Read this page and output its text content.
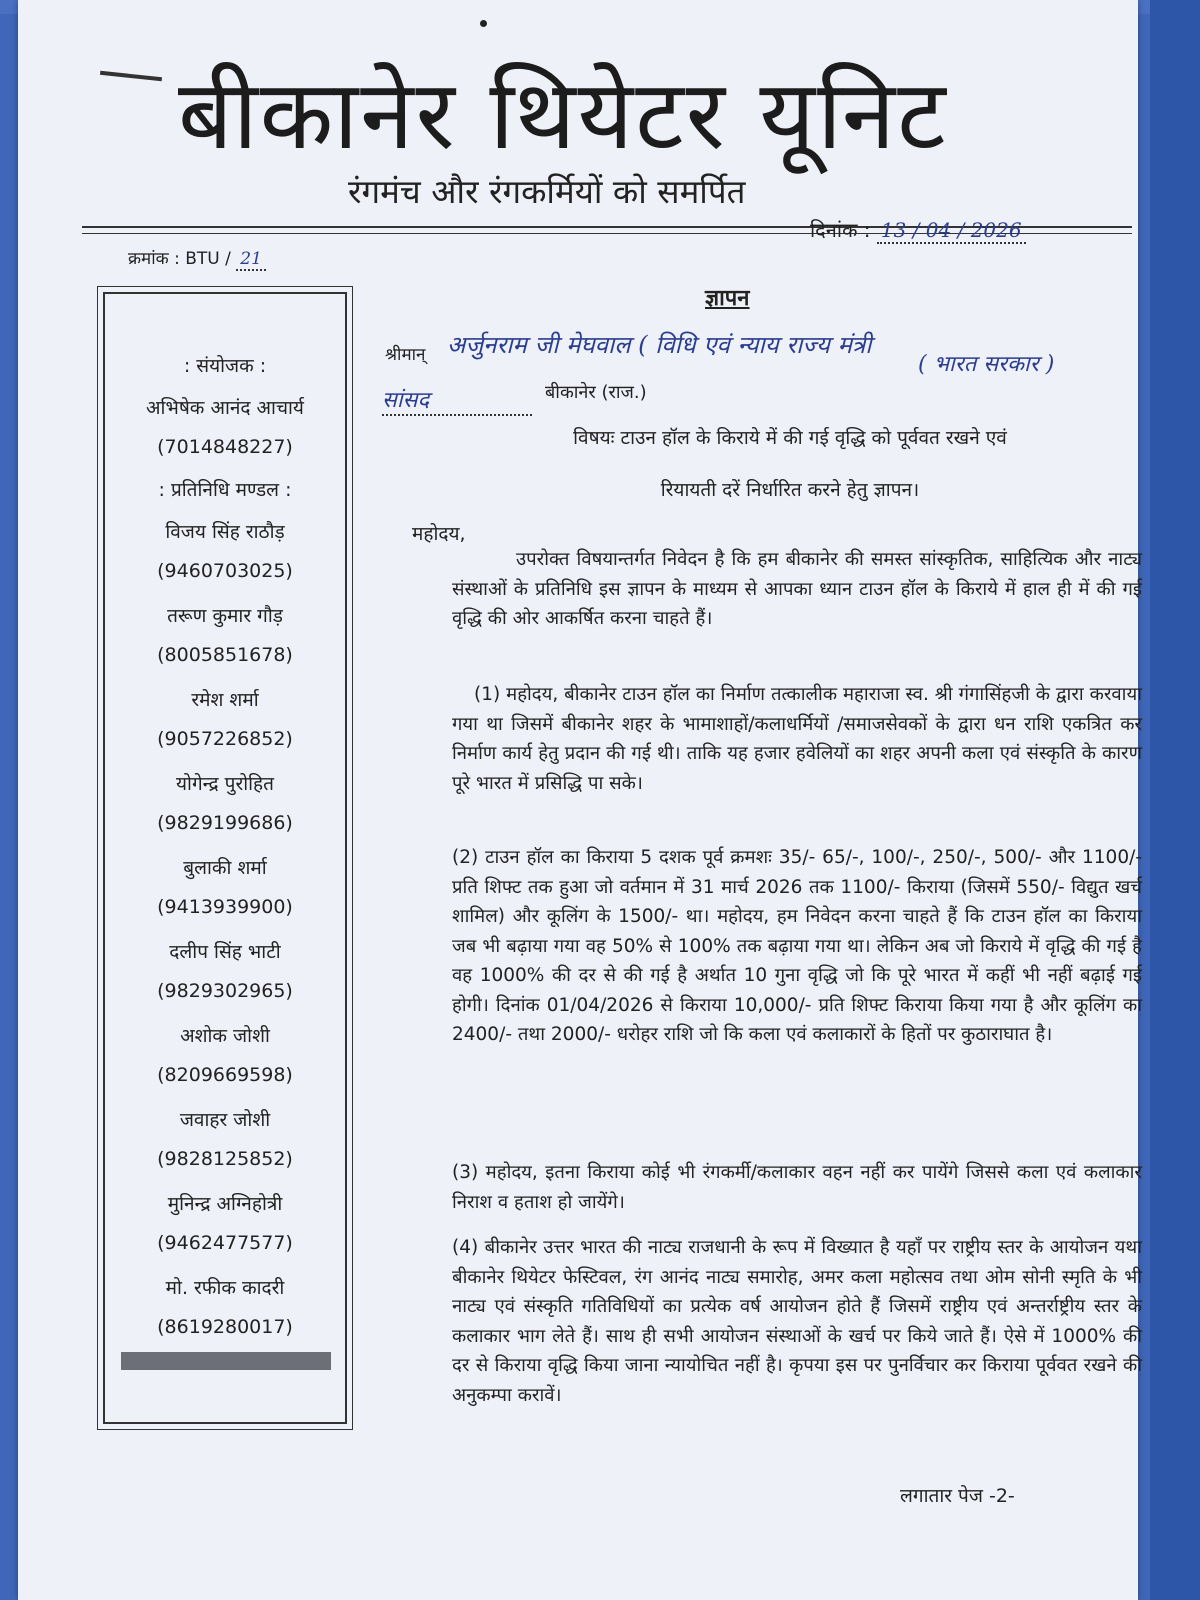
बीकानेर थियेटर यूनिट
रंगमंच और रंगकर्मियों को समर्पित
क्रमांक : BTU / 21
दिनांक : 13 / 04 / 2026
: संयोजक :
अभिषेक आनंद आचार्य
(7014848227)
: प्रतिनिधि मण्डल :
विजय सिंह राठौड़
(9460703025)
तरूण कुमार गौड़
(8005851678)
रमेश शर्मा
(9057226852)
योगेन्द्र पुरोहित
(9829199686)
बुलाकी शर्मा
(9413939900)
दलीप सिंह भाटी
(9829302965)
अशोक जोशी
(8209669598)
जवाहर जोशी
(9828125852)
मुनिन्द्र अग्निहोत्री
(9462477577)
मो. रफीक कादरी
(8619280017)
ज्ञापन
श्रीमान् अर्जुनराम जी मेघवाल ( विधि एवं न्याय राज्य मंत्री
( भारत सरकार )
सांसद	बीकानेर (राज.)
विषयः टाउन हॉल के किराये में की गई वृद्धि को पूर्ववत रखने एवं
रियायती दरें निर्धारित करने हेतु ज्ञापन।
महोदय,
उपरोक्त विषयान्तर्गत निवेदन है कि हम बीकानेर की समस्त सांस्कृतिक, साहित्यिक और नाट्य संस्थाओं के प्रतिनिधि इस ज्ञापन के माध्यम से आपका ध्यान टाउन हॉल के किराये में हाल ही में की गई वृद्धि की ओर आकर्षित करना चाहते हैं।
(1) महोदय, बीकानेर टाउन हॉल का निर्माण तत्कालीक महाराजा स्व. श्री गंगासिंहजी के द्वारा करवाया गया था जिसमें बीकानेर शहर के भामाशाहों/कलाधर्मियों /समाजसेवकों के द्वारा धन राशि एकत्रित कर निर्माण कार्य हेतु प्रदान की गई थी। ताकि यह हजार हवेलियों का शहर अपनी कला एवं संस्कृति के कारण पूरे भारत में प्रसिद्धि पा सके।
(2) टाउन हॉल का किराया 5 दशक पूर्व क्रमशः 35/- 65/-, 100/-, 250/-, 500/- और 1100/- प्रति शिफ्ट तक हुआ जो वर्तमान में 31 मार्च 2026 तक 1100/- किराया (जिसमें 550/- विद्युत खर्च शामिल) और कूलिंग के 1500/- था। महोदय, हम निवेदन करना चाहते हैं कि टाउन हॉल का किराया जब भी बढ़ाया गया वह 50% से 100% तक बढ़ाया गया था। लेकिन अब जो किराये में वृद्धि की गई है वह 1000% की दर से की गई है अर्थात 10 गुना वृद्धि जो कि पूरे भारत में कहीं भी नहीं बढ़ाई गई होगी। दिनांक 01/04/2026 से किराया 10,000/- प्रति शिफ्ट किराया किया गया है और कूलिंग का 2400/- तथा 2000/- धरोहर राशि जो कि कला एवं कलाकारों के हितों पर कुठाराघात है।
(3) महोदय, इतना किराया कोई भी रंगकर्मी/कलाकार वहन नहीं कर पायेंगे जिससे कला एवं कलाकार निराश व हताश हो जायेंगे।
(4) बीकानेर उत्तर भारत की नाट्य राजधानी के रूप में विख्यात है यहाँ पर राष्ट्रीय स्तर के आयोजन यथा बीकानेर थियेटर फेस्टिवल, रंग आनंद नाट्य समारोह, अमर कला महोत्सव तथा ओम सोनी स्मृति के भी नाट्य एवं संस्कृति गतिविधियों का प्रत्येक वर्ष आयोजन होते हैं जिसमें राष्ट्रीय एवं अन्तर्राष्ट्रीय स्तर के कलाकार भाग लेते हैं। साथ ही सभी आयोजन संस्थाओं के खर्च पर किये जाते हैं। ऐसे में 1000% की दर से किराया वृद्धि किया जाना न्यायोचित नहीं है। कृपया इस पर पुनर्विचार कर किराया पूर्ववत रखने की अनुकम्पा करावें।
लगातार पेज -2-
